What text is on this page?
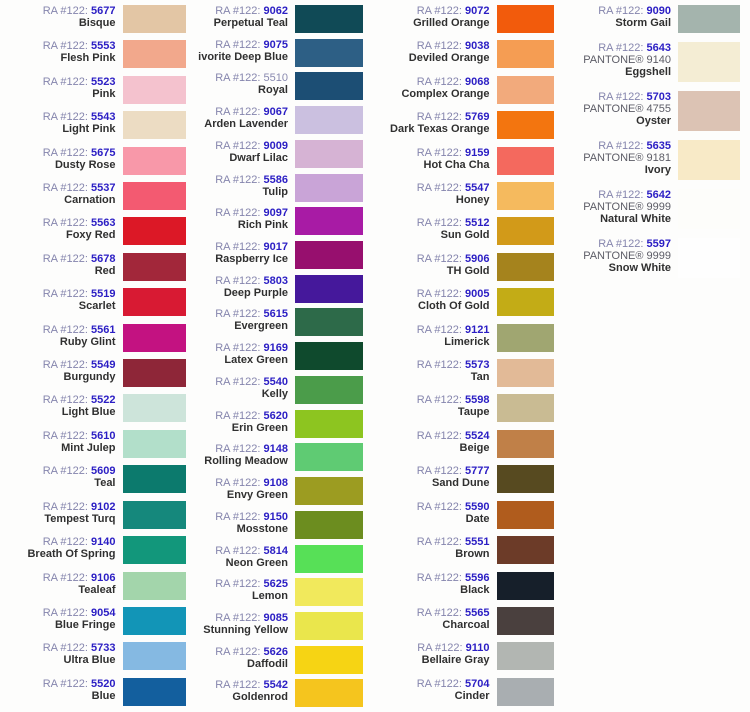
RA #122: 5677
Bisque
RA #122: 5553
Flesh Pink
RA #122: 5523
Pink
RA #122: 5543
Light Pink
RA #122: 5675
Dusty Rose
RA #122: 5537
Carnation
RA #122: 5563
Foxy Red
RA #122: 5678
Red
RA #122: 5519
Scarlet
RA #122: 5561
Ruby Glint
RA #122: 5549
Burgundy
RA #122: 5522
Light Blue
RA #122: 5610
Mint Julep
RA #122: 5609
Teal
RA #122: 9102
Tempest Turq
RA #122: 9140
Breath Of Spring
RA #122: 9106
Tealeaf
RA #122: 9054
Blue Fringe
RA #122: 5733
Ultra Blue
RA #122: 5520
Blue
RA #122: 9062
Perpetual Teal
RA #122: 9075
ivorite Deep Blue
RA #122: 5510
Royal
RA #122: 9067
Arden Lavender
RA #122: 9009
Dwarf Lilac
RA #122: 5586
Tulip
RA #122: 9097
Rich Pink
RA #122: 9017
Raspberry Ice
RA #122: 5803
Deep Purple
RA #122: 5615
Evergreen
RA #122: 9169
Latex Green
RA #122: 5540
Kelly
RA #122: 5620
Erin Green
RA #122: 9148
Rolling Meadow
RA #122: 9108
Envy Green
RA #122: 9150
Mosstone
RA #122: 5814
Neon Green
RA #122: 5625
Lemon
RA #122: 9085
Stunning Yellow
RA #122: 5626
Daffodil
RA #122: 5542
Goldenrod
RA #122: 9072
Grilled Orange
RA #122: 9038
Deviled Orange
RA #122: 9068
Complex Orange
RA #122: 5769
Dark Texas Orange
RA #122: 9159
Hot Cha Cha
RA #122: 5547
Honey
RA #122: 5512
Sun Gold
RA #122: 5906
TH Gold
RA #122: 9005
Cloth Of Gold
RA #122: 9121
Limerick
RA #122: 5573
Tan
RA #122: 5598
Taupe
RA #122: 5524
Beige
RA #122: 5777
Sand Dune
RA #122: 5590
Date
RA #122: 5551
Brown
RA #122: 5596
Black
RA #122: 5565
Charcoal
RA #122: 9110
Bellaire Gray
RA #122: 5704
Cinder
RA #122: 9090
Storm Gail
RA #122: 5643
PANTONE® 9140
Eggshell
RA #122: 5703
PANTONE® 4755
Oyster
RA #122: 5635
PANTONE® 9181
Ivory
RA #122: 5642
PANTONE® 9999
Natural White
RA #122: 5597
PANTONE® 9999
Snow White
